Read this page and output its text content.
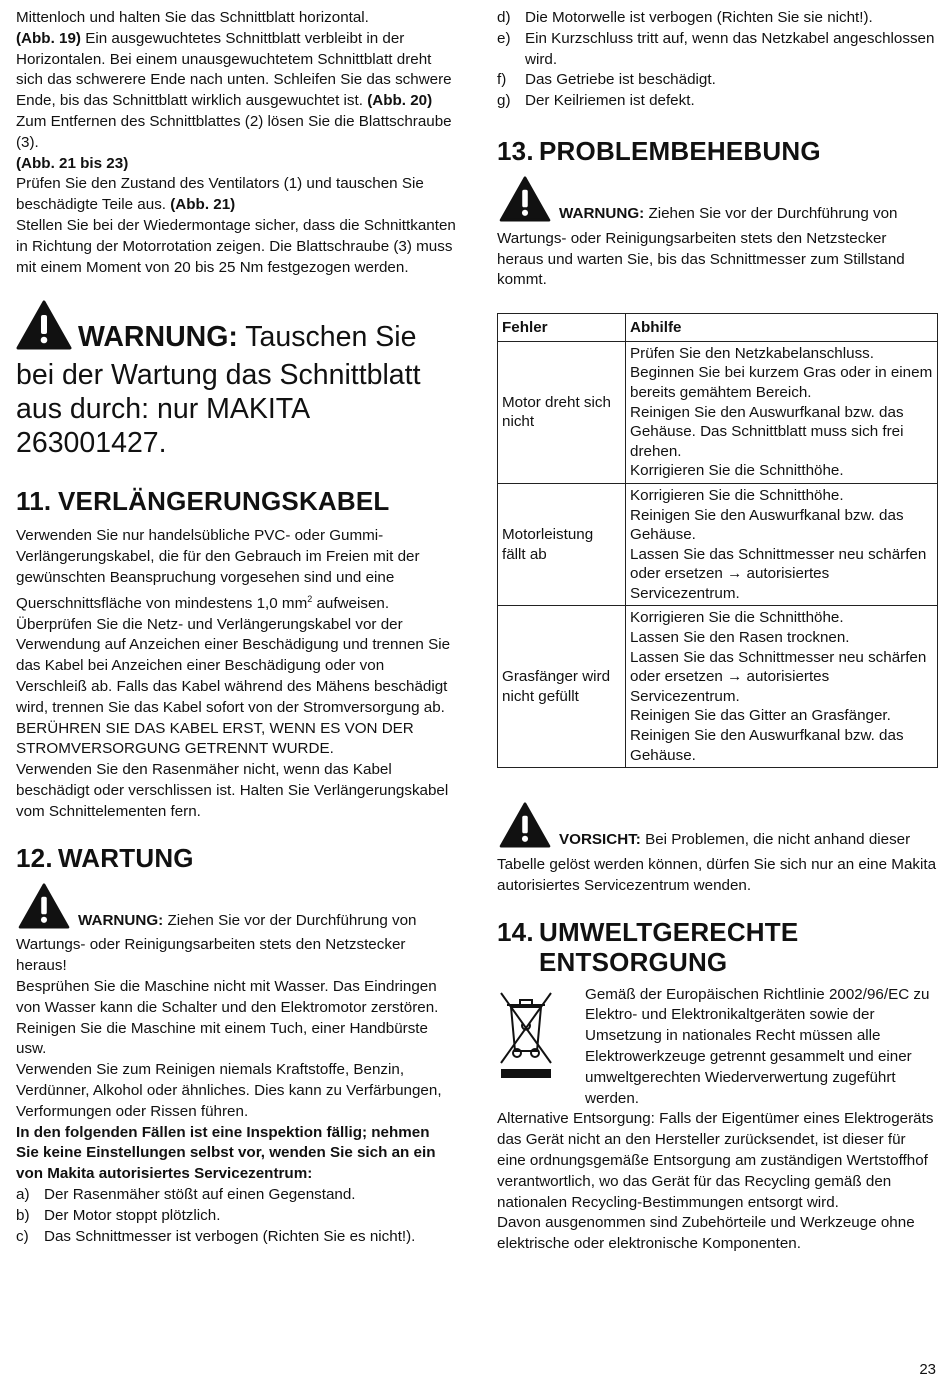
Mittenloch und halten Sie das Schnittblatt horizontal.
(Abb. 19) Ein ausgewuchtetes Schnittblatt verbleibt in der Horizontalen. Bei einem unausgewuchtetem Schnittblatt dreht sich das schwerere Ende nach unten. Schleifen Sie das schwere Ende, bis das Schnittblatt wirklich ausgewuchtet ist. (Abb. 20) Zum Entfernen des Schnittblattes (2) lösen Sie die Blattschraube (3).
(Abb. 21 bis 23)
Prüfen Sie den Zustand des Ventilators (1) und tauschen Sie beschädigte Teile aus. (Abb. 21)
Stellen Sie bei der Wiedermontage sicher, dass die Schnittkanten in Richtung der Motorrotation zeigen. Die Blattschraube (3) muss mit einem Moment von 20 bis 25 Nm festgezogen werden.

WARNUNG: Tauschen Sie bei der Wartung das Schnittblatt aus durch: nur MAKITA 263001427.
11. VERLÄNGERUNGSKABEL

Verwenden Sie nur handelsübliche PVC- oder Gummi-Verlängerungskabel, die für den Gebrauch im Freien mit der gewünschten Beanspruchung vorgesehen sind und eine Querschnittsfläche von mindestens 1,0 $mm^2$ aufweisen.

Überprüfen Sie die Netz- und Verlängerungskabel vor der Verwendung auf Anzeichen einer Beschädigung und trennen Sie das Kabel bei Anzeichen einer Beschädigung oder von Verschleiß ab. Falls das Kabel während des Mähens beschädigt wird, trennen Sie das Kabel sofort von der Stromversorgung ab. BERÜHREN SIE DAS KABEL ERST, WENN ES VON DER STROMVERSORGUNG GETRENNT WURDE.

Verwenden Sie den Rasenmäher nicht, wenn das Kabel beschädigt oder verschlissen ist. Halten Sie Verlängerungskabel vom Schnittelementen fern.

12. WARTUNG

WARNUNG: Ziehen Sie vor der Durchführung von Wartungs- oder Reinigungsarbeiten stets den Netzstecker heraus!

Besprühen Sie die Maschine nicht mit Wasser. Das Eindringen von Wasser kann die Schalter und den Elektromotor zerstören. Reinigen Sie die Maschine mit einem Tuch, einer Handbürste usw.

Verwenden Sie zum Reinigen niemals Kraftstoffe, Benzin, Verdünner, Alkohol oder ähnliches. Dies kann zu Verfärbungen, Verformungen oder Rissen führen.

In den folgenden Fällen ist eine Inspektion fällig; nehmen Sie keine Einstellungen selbst vor, wenden Sie sich an ein von Makita autorisiertes Servicezentrum:

a) Der Rasenmäher stößt auf einen Gegenstand.
b) Der Motor stoppt plötzlich.
c)	Das Schnittmesser ist verbogen (Richten Sie es nicht!).
d) Die Motorwelle ist verbogen (Richten Sie sie nicht!).
e) Ein Kurzschluss tritt auf, wenn das Netzkabel angeschlossen wird.
f)	Das Getriebe ist beschädigt.
g) Der Keilriemen ist defekt.
13. PROBLEMBEHEBUNG

WARNUNG: Ziehen Sie vor der Durchführung von Wartungs- oder Reinigungsarbeiten stets den Netzstecker heraus und warten Sie, bis das Schnittmesser zum Stillstand kommt.

Fehler	Abhilfe
Motor dreht sich nicht	Prüfen Sie den Netzkabelanschluss.
Beginnen Sie bei kurzem Gras oder in einem bereits gemähtem Bereich.
Reinigen Sie den Auswurfkanal bzw. das Gehäuse. Das Schnittblatt muss sich frei drehen.
Korrigieren Sie die Schnitthöhe.

Motorleistung fällt ab	Korrigieren Sie die Schnitthöhe.
Reinigen Sie den Auswurfkanal bzw. das Gehäuse.
Lassen Sie das Schnittmesser neu schärfen oder ersetzen → autorisiertes Servicezentrum.

Grasfänger wird nicht gefüllt	Korrigieren Sie die Schnitthöhe.
Lassen Sie den Rasen trocknen.
Lassen Sie das Schnittmesser neu schärfen oder ersetzen → autorisiertes Servicezentrum.
Reinigen Sie das Gitter an Grasfänger.
Reinigen Sie den Auswurfkanal bzw. das Gehäuse.

VORSICHT: Bei Problemen, die nicht anhand dieser Tabelle gelöst werden können, dürfen Sie sich nur an eine Makita autorisiertes Servicezentrum wenden.

14. UMWELTGERECHTE
ENTSORGUNG

Gemäß der Europäischen Richtlinie 2002/96/EC zu Elektro- und Elektronikaltgeräten sowie der Umsetzung in nationales Recht müssen alle Elektrowerkzeuge getrennt gesammelt und einer umweltgerechten Wiederverwertung zugeführt werden.

Alternative Entsorgung: Falls der Eigentümer eines Elektrogeräts das Gerät nicht an den Hersteller zurücksendet, ist dieser für eine ordnungsgemäße Entsorgung am zuständigen Wertstoffhof verantwortlich, wo das Gerät für das Recycling gemäß den nationalen Recycling-Bestimmungen entsorgt wird.

Davon ausgenommen sind Zubehörteile und Werkzeuge ohne elektrische oder elektronische Komponenten.

23
